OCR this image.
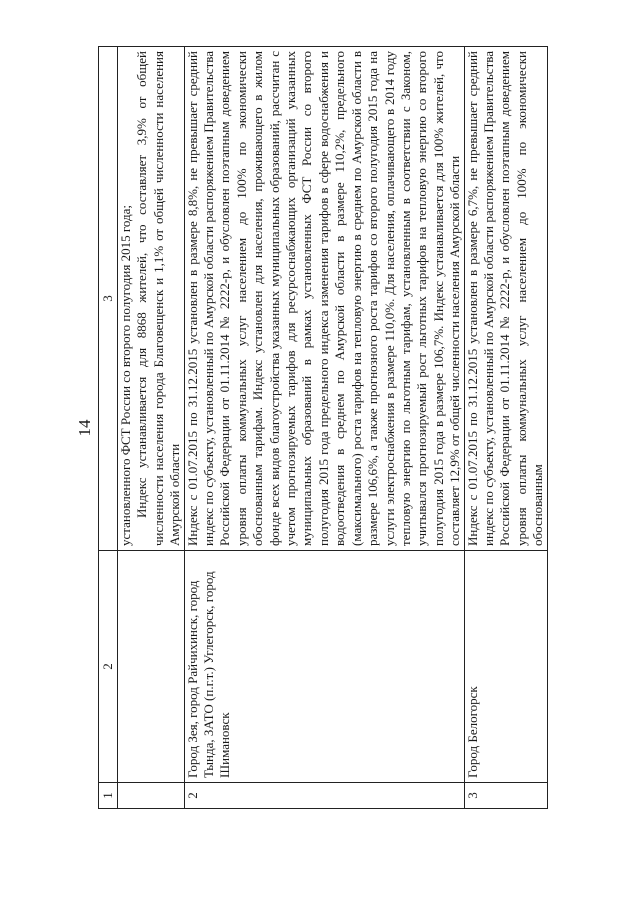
14
1	2	3

		установленного ФСТ России со второго полугодия 2015 года; Индекс устанавливается для 8868 жителей, что составляет 3,9% от общей численности населения города Благовещенск и 1,1% от общей численности населения Амурской области

2	Город Зея, город Райчихинск, город Тында, ЗАТО (п.г.т.) Углегорск, город Шимановск	Индекс с 01.07.2015 по 31.12.2015 установлен в размере 8,8%, не превышает средний индекс по субъекту, установленный по Амурской области распоряжением Правительства Российской Федерации от 01.11.2014 № 2222-р, и обусловлен поэтапным доведением уровня оплаты коммунальных услуг населением до 100% по экономически обоснованным тарифам. Индекс установлен для населения, проживающего в жилом фонде всех видов благоустройства указанных муниципальных образований, рассчитан с учетом прогнозируемых тарифов для ресурсоснабжающих организаций указанных муниципальных образований в рамках установленных ФСТ России со второго полугодия 2015 года предельного индекса изменения тарифов в сфере водоснабжения и водоотведения в среднем по Амурской области в размере 110,2%, предельного (максимального) роста тарифов на тепловую энергию в среднем по Амурской области в размере 106,6%, а также прогнозного роста тарифов со второго полугодия 2015 года на услуги электроснабжения в размере 110,0%. Для населения, оплачивающего в 2014 году тепловую энергию по льготным тарифам, установленным в соответствии с Законом, учитывался прогнозируемый рост льготных тарифов на тепловую энергию со второго полугодия 2015 года в размере 106,7%. Индекс устанавливается для 100% жителей, что составляет 12,9% от общей численности населения Амурской области
3	Город Белогорск	Индекс с 01.07.2015 по 31.12.2015 установлен в размере 6,7%, не превышает средний индекс по субъекту, установленный по Амурской области распоряжением Правительства Российской Федерации от 01.11.2014 № 2222-р, и обусловлен поэтапным доведением уровня оплаты коммунальных услуг населением до 100% по экономически обоснованным
